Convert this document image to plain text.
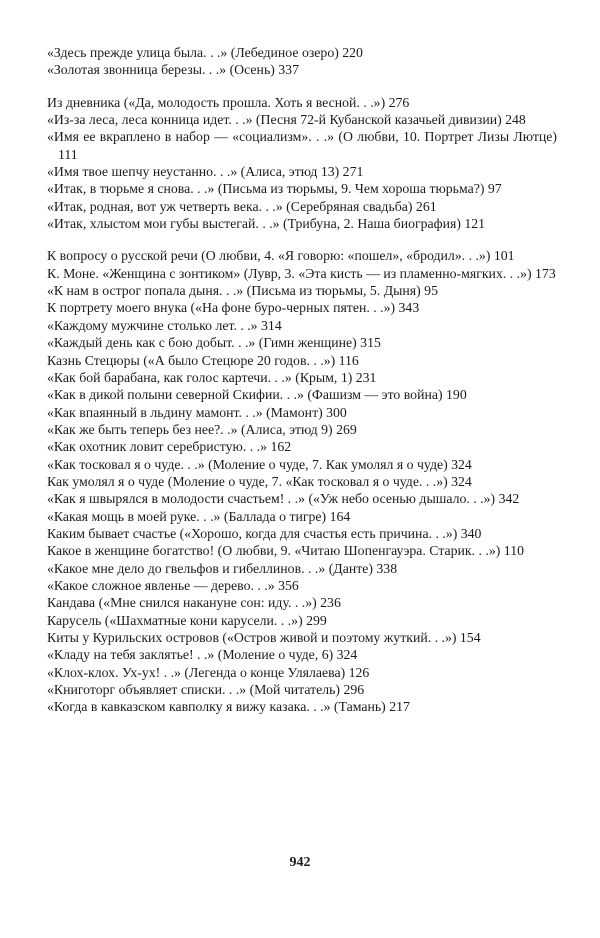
«Здесь прежде улица была. . .» (Лебединое озеро) 220

«Золотая звонница березы. . .» (Осень) 337

Из дневника («Да, молодость прошла. Хоть я весной. . .») 276

«Из-за леса, леса конница идет. . .» (Песня 72-й Кубанской казачьей дивизии) 248

«Имя ее вкраплено в набор — «социализм». . .» (О любви, 10. Портрет Лизы Лютце) 111

«Имя твое шепчу неустанно. . .» (Алиса, этюд 13) 271

«Итак, в тюрьме я снова. . .» (Письма из тюрьмы, 9. Чем хороша тюрьма?) 97

«Итак, родная, вот уж четверть века. . .» (Серебряная свадьба) 261

«Итак, хлыстом мои губы выстегай. . .» (Трибуна, 2. Наша биография) 121

К вопросу о русской речи (О любви, 4. «Я говорю: «пошел», «бродил». . .») 101

К. Моне. «Женщина с зонтиком» (Лувр, 3. «Эта кисть — из пламенно-мягких. . .») 173

«К нам в острог попала дыня. . .» (Письма из тюрьмы, 5. Дыня) 95

К портрету моего внука («На фоне буро-черных пятен. . .») 343

«Каждому мужчине столько лет. . .» 314

«Каждый день как с бою добыт. . .» (Гимн женщине) 315

Казнь Стецюры («А было Стецюре 20 годов. . .») 116

«Как бой барабана, как голос картечи. . .» (Крым, 1) 231

«Как в дикой полыни северной Скифии. . .» (Фашизм — это война) 190

«Как впаянный в льдину мамонт. . .» (Мамонт) 300

«Как же быть теперь без нее?. .» (Алиса, этюд 9) 269

«Как охотник ловит серебристую. . .» 162

«Как тосковал я о чуде. . .» (Моление о чуде, 7. Как умолял я о чуде) 324

Как умолял я о чуде (Моление о чуде, 7. «Как тосковал я о чуде. . .») 324

«Как я швырялся в молодости счастьем! . .» («Уж небо осенью дышало. . .») 342

«Какая мощь в моей руке. . .» (Баллада о тигре) 164

Каким бывает счастье («Хорошо, когда для счастья есть причина. . .») 340

Какое в женщине богатство! (О любви, 9. «Читаю Шопенгауэра. Старик. . .») 110

«Какое мне дело до гвельфов и гибеллинов. . .» (Данте) 338

«Какое сложное явленье — дерево. . .» 356

Кандава («Мне снился накануне сон: иду. . .») 236

Карусель («Шахматные кони карусели. . .») 299

Киты у Курильских островов («Остров живой и поэтому жуткий. . .») 154

«Кладу на тебя заклятье! . .» (Моление о чуде, 6) 324

«Клох-клох. Ух-ух! . .» (Легенда о конце Улялаева) 126

«Книготорг объявляет списки. . .» (Мой читатель) 296

«Когда в кавказском кавполку я вижу казака. . .» (Тамань) 217

942
